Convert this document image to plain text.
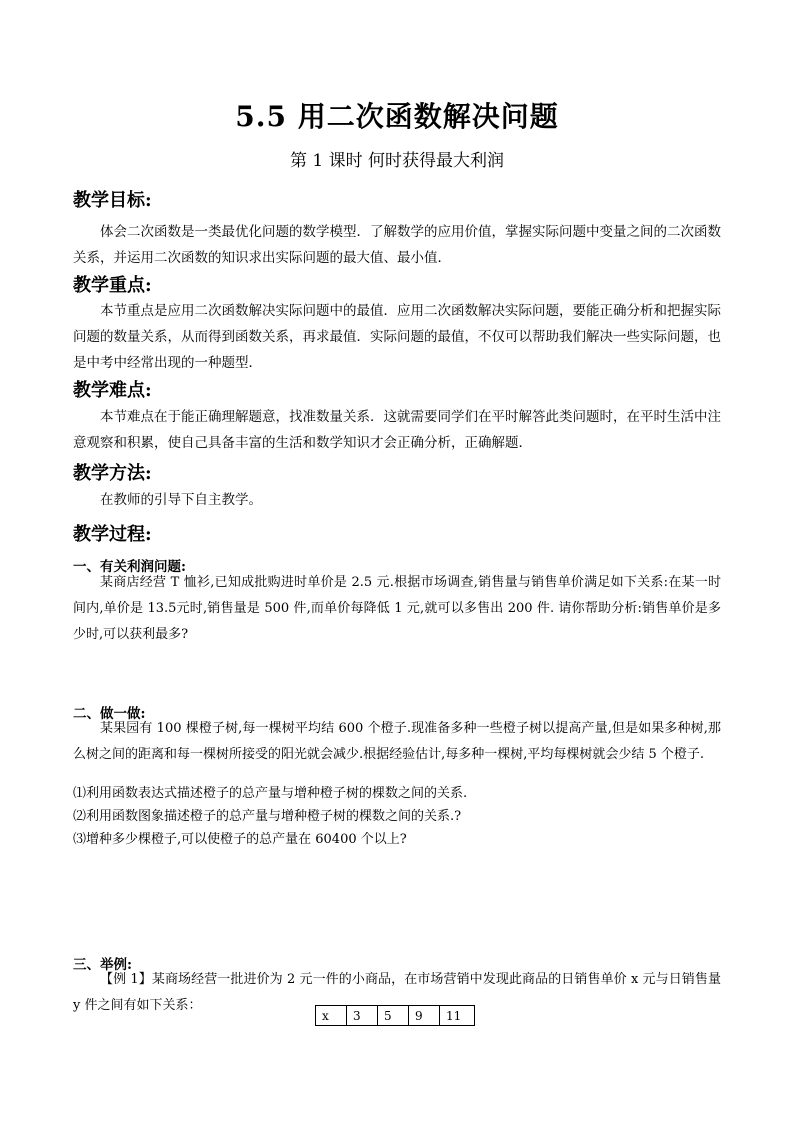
5.5 用二次函数解决问题
第 1 课时 何时获得最大利润
教学目标:

体会二次函数是一类最优化问题的数学模型．了解数学的应用价值，掌握实际问题中变量之间的二次函数关系，并运用二次函数的知识求出实际问题的最大值、最小值．

教学重点:

本节重点是应用二次函数解决实际问题中的最值．应用二次函数解决实际问题，要能正确分析和把握实际问题的数量关系，从而得到函数关系，再求最值．实际问题的最值，不仅可以帮助我们解决一些实际问题，也是中考中经常出现的一种题型．

教学难点:

本节难点在于能正确理解题意，找准数量关系．这就需要同学们在平时解答此类问题时，在平时生活中注意观察和积累，使自己具备丰富的生活和数学知识才会正确分析，正确解题．

教学方法:

在教师的引导下自主教学。

教学过程:
一、有关利润问题:

某商店经营 T 恤衫,已知成批购进时单价是 2.5 元.根据市场调查,销售量与销售单价满足如下关系:在某一时间内,单价是 13.5元时,销售量是 500 件,而单价每降低 1 元,就可以多售出 200 件. 请你帮助分析:销售单价是多少时,可以获利最多?

二、做一做:

某果园有 100 棵橙子树,每一棵树平均结 600 个橙子.现准备多种一些橙子树以提高产量,但是如果多种树,那么树之间的距离和每一棵树所接受的阳光就会减少.根据经验估计,每多种一棵树,平均每棵树就会少结 5 个橙子.

⑴利用函数表达式描述橙子的总产量与增种橙子树的棵数之间的关系.
⑵利用函数图象描述橙子的总产量与增种橙子树的棵数之间的关系.?
⑶增种多少棵橙子,可以使橙子的总产量在 60400 个以上?
三、举例:

【例 1】某商场经营一批进价为 2 元一件的小商品，在市场营销中发现此商品的日销售单价 x 元与日销售量 y 件之间有如下关系：

x	3	5	9	11
